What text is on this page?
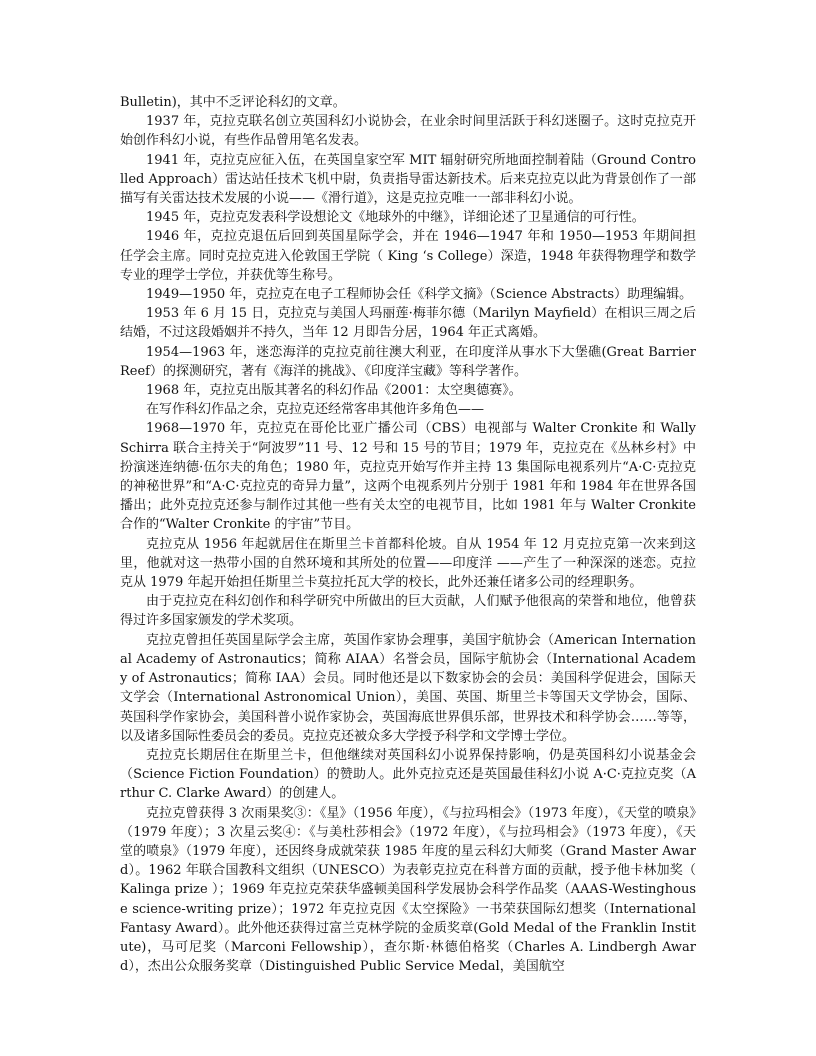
Bulletin)，其中不乏评论科幻的文章。

1937 年，克拉克联名创立英国科幻小说协会，在业余时间里活跃于科幻迷圈子。这时克拉克开始创作科幻小说，有些作品曾用笔名发表。

1941 年，克拉克应征入伍，在英国皇家空军 MIT 辐射研究所地面控制着陆（Ground Controlled Approach）雷达站任技术飞机中尉，负责指导雷达新技术。后来克拉克以此为背景创作了一部描写有关雷达技术发展的小说——《滑行道》，这是克拉克唯一一部非科幻小说。

1945 年，克拉克发表科学设想论文《地球外的中继》，详细论述了卫星通信的可行性。

1946 年，克拉克退伍后回到英国星际学会，并在 1946—1947 年和 1950—1953 年期间担任学会主席。同时克拉克进入伦敦国王学院（ King ‘s College）深造，1948 年获得物理学和数学专业的理学士学位，并获优等生称号。

1949—1950 年，克拉克在电子工程师协会任《科学文摘》（Science Abstracts）助理编辑。

1953 年 6 月 15 日，克拉克与美国人玛丽莲·梅菲尔德（Marilyn Mayfield）在相识三周之后结婚，不过这段婚姻并不持久，当年 12 月即告分居，1964 年正式离婚。

1954—1963 年，迷恋海洋的克拉克前往澳大利亚，在印度洋从事水下大堡礁(Great Barrier Reef）的探测研究，著有《海洋的挑战》、《印度洋宝藏》等科学著作。

1968 年，克拉克出版其著名的科幻作品《2001：太空奥德赛》。

在写作科幻作品之余，克拉克还经常客串其他许多角色——

1968—1970 年，克拉克在哥伦比亚广播公司（CBS）电视部与 Walter Cronkite 和 Wally Schirra 联合主持关于“阿波罗”11 号、12 号和 15 号的节目；1979 年，克拉克在《丛林乡村》中扮演迷连纳德·伍尔夫的角色；1980 年，克拉克开始写作并主持 13 集国际电视系列片“A·C·克拉克的神秘世界”和“A·C·克拉克的奇异力量”，这两个电视系列片分别于 1981 年和 1984 年在世界各国播出；此外克拉克还参与制作过其他一些有关太空的电视节目，比如 1981 年与 Walter Cronkite 合作的“Walter Cronkite 的宇宙”节目。

克拉克从 1956 年起就居住在斯里兰卡首都科伦坡。自从 1954 年 12 月克拉克第一次来到这里，他就对这一热带小国的自然环境和其所处的位置——印度洋 ——产生了一种深深的迷恋。克拉克从 1979 年起开始担任斯里兰卡莫拉托瓦大学的校长，此外还兼任诸多公司的经理职务。

由于克拉克在科幻创作和科学研究中所做出的巨大贡献，人们赋予他很高的荣誉和地位，他曾获得过许多国家颁发的学术奖项。

克拉克曾担任英国星际学会主席，英国作家协会理事，美国宇航协会（American International Academy of Astronautics；简称 AIAA）名誉会员，国际宇航协会（International Academy of Astronautics；简称 IAA）会员。同时他还是以下数家协会的会员：美国科学促进会，国际天文学会（International Astronomical Union），美国、英国、斯里兰卡等国天文学协会，国际、英国科学作家协会，美国科普小说作家协会，英国海底世界俱乐部，世界技术和科学协会……等等，以及诸多国际性委员会的委员。克拉克还被众多大学授予科学和文学博士学位。

克拉克长期居住在斯里兰卡，但他继续对英国科幻小说界保持影响，仍是英国科幻小说基金会（Science Fiction Foundation）的赞助人。此外克拉克还是英国最佳科幻小说 A·C·克拉克奖（Arthur C. Clarke Award）的创建人。

克拉克曾获得 3 次雨果奖③：《星》（1956 年度），《与拉玛相会》（1973 年度），《天堂的喷泉》（1979 年度）；3 次星云奖④：《与美杜莎相会》（1972 年度），《与拉玛相会》（1973 年度），《天堂的喷泉》（1979 年度），还因终身成就荣获 1985 年度的星云科幻大师奖（Grand Master Award）。1962 年联合国教科文组织（UNESCO）为表彰克拉克在科普方面的贡献，授予他卡林加奖（ Kalinga prize ）；1969 年克拉克荣获华盛顿美国科学发展协会科学作品奖（AAAS-Westinghouse science-writing prize）；1972 年克拉克因《太空探险》一书荣获国际幻想奖（International Fantasy Award）。此外他还获得过富兰克林学院的金质奖章(Gold Medal of the Franklin Institute)，马可尼奖（Marconi Fellowship），查尔斯·林德伯格奖（Charles A. Lindbergh Award），杰出公众服务奖章（Distinguished Public Service Medal，美国航空
